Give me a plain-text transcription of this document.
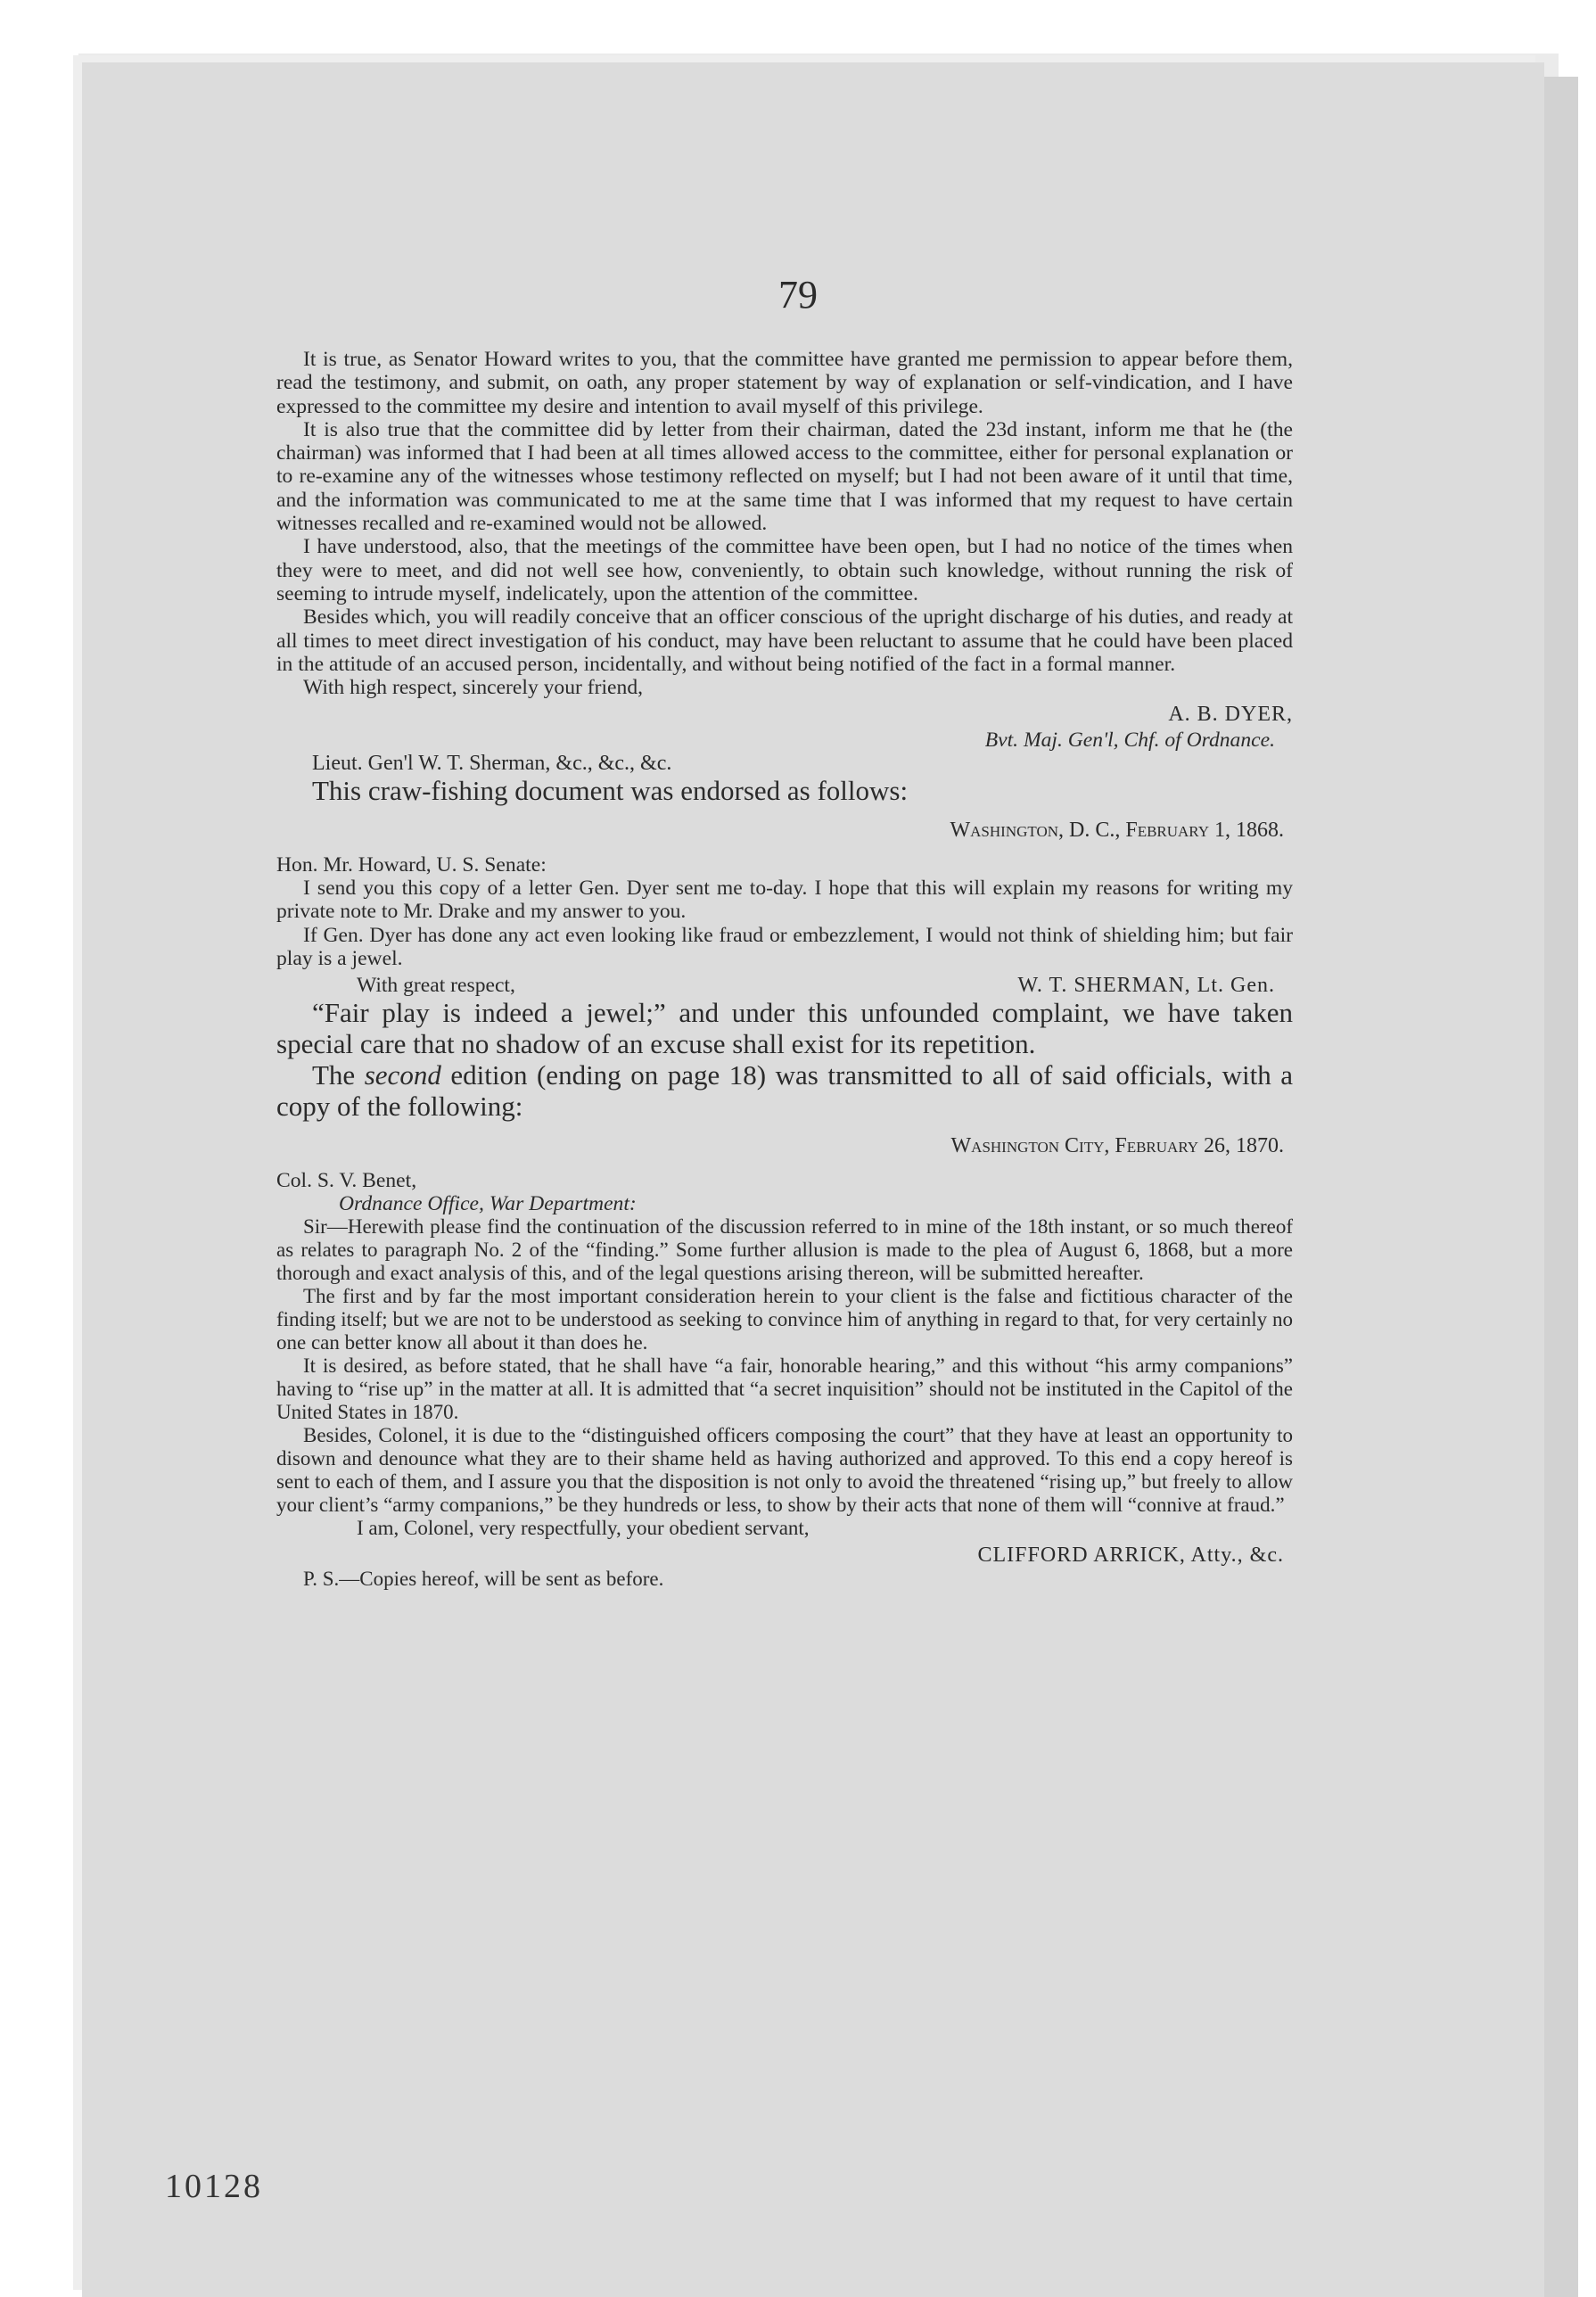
79

It is true, as Senator Howard writes to you, that the committee have granted me permission to appear before them, read the testimony, and submit, on oath, any proper statement by way of explanation or self-vindication, and I have expressed to the committee my desire and intention to avail myself of this privilege.

It is also true that the committee did by letter from their chairman, dated the 23d instant, inform me that he (the chairman) was informed that I had been at all times allowed access to the committee, either for personal explanation or to re-examine any of the witnesses whose testimony reflected on myself; but I had not been aware of it until that time, and the information was communicated to me at the same time that I was informed that my request to have certain witnesses recalled and re-examined would not be allowed.

I have understood, also, that the meetings of the committee have been open, but I had no notice of the times when they were to meet, and did not well see how, conveniently, to obtain such knowledge, without running the risk of seeming to intrude myself, indelicately, upon the attention of the committee.

Besides which, you will readily conceive that an officer conscious of the upright discharge of his duties, and ready at all times to meet direct investigation of his conduct, may have been reluctant to assume that he could have been placed in the attitude of an accused person, incidentally, and without being notified of the fact in a formal manner.

With high respect, sincerely your friend,

A. B. DYER,
Bvt. Maj. Gen'l, Chf. of Ordnance.

Lieut. Gen'l W. T. Sherman, &c., &c., &c.

This craw-fishing document was endorsed as follows:

Washington, D. C., February 1, 1868.

Hon. Mr. Howard, U. S. Senate:

I send you this copy of a letter Gen. Dyer sent me to-day. I hope that this will explain my reasons for writing my private note to Mr. Drake and my answer to you.

If Gen. Dyer has done any act even looking like fraud or embezzlement, I would not think of shielding him; but fair play is a jewel.

With great respect,	W. T. SHERMAN, Lt. Gen.

“Fair play is indeed a jewel;” and under this unfounded complaint, we have taken special care that no shadow of an excuse shall exist for its repetition.

The second edition (ending on page 18) was transmitted to all of said officials, with a copy of the following:

Washington City, February 26, 1870.

Col. S. V. Benet,

Ordnance Office, War Department:

Sir—Herewith please find the continuation of the discussion referred to in mine of the 18th instant, or so much thereof as relates to paragraph No. 2 of the “finding.” Some further allusion is made to the plea of August 6, 1868, but a more thorough and exact analysis of this, and of the legal questions arising thereon, will be submitted hereafter.

The first and by far the most important consideration herein to your client is the false and fictitious character of the finding itself; but we are not to be understood as seeking to convince him of anything in regard to that, for very certainly no one can better know all about it than does he.

It is desired, as before stated, that he shall have “a fair, honorable hearing,” and this without “his army companions” having to “rise up” in the matter at all. It is admitted that “a secret inquisition” should not be instituted in the Capitol of the United States in 1870.

Besides, Colonel, it is due to the “distinguished officers composing the court” that they have at least an opportunity to disown and denounce what they are to their shame held as having authorized and approved. To this end a copy hereof is sent to each of them, and I assure you that the disposition is not only to avoid the threatened “rising up,” but freely to allow your client’s “army companions,” be they hundreds or less, to show by their acts that none of them will “connive at fraud.”

I am, Colonel, very respectfully, your obedient servant,

CLIFFORD ARRICK, Atty., &c.

P. S.—Copies hereof, will be sent as before.

10128
